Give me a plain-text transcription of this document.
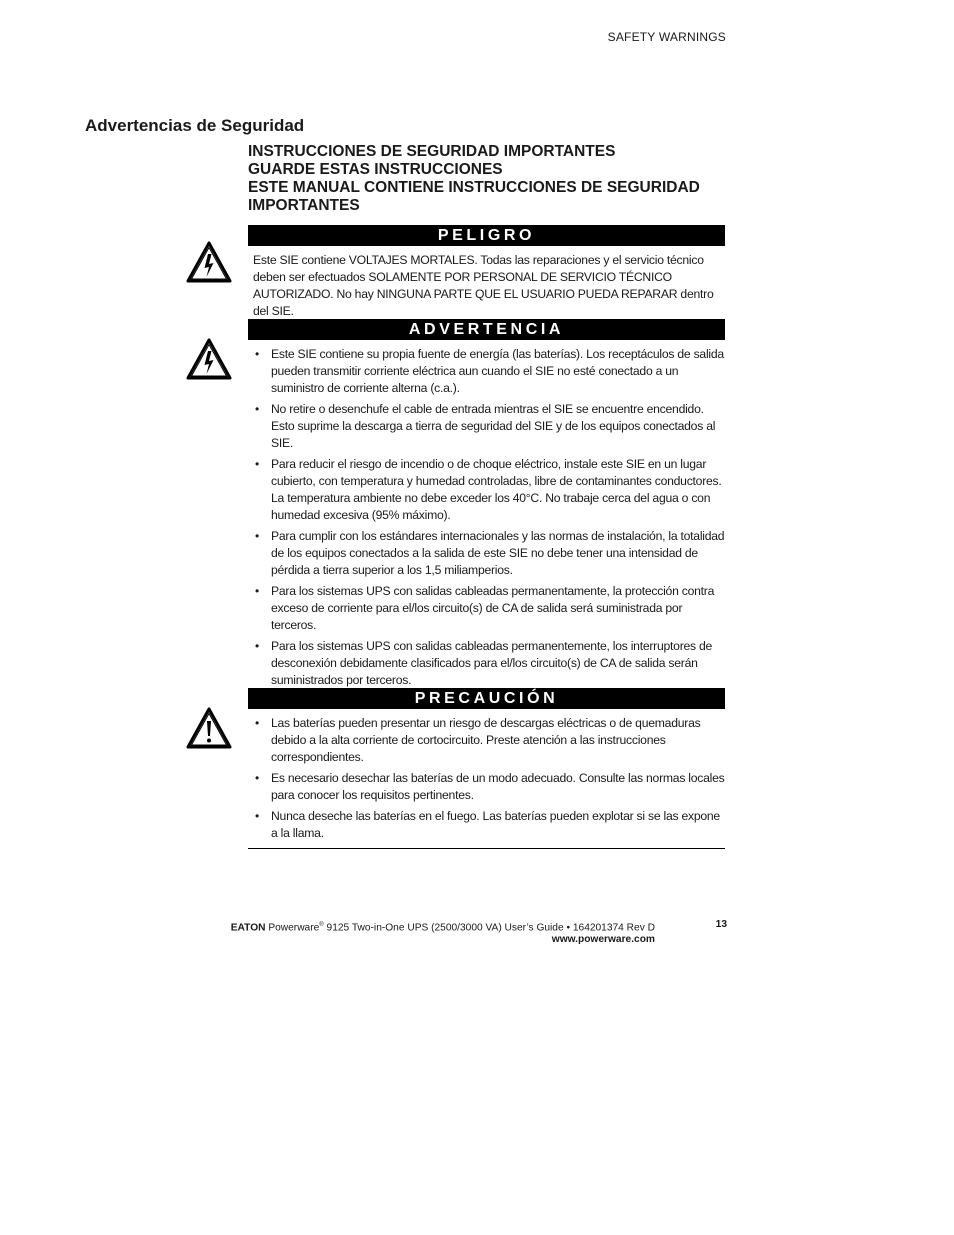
SAFETY WARNINGS
Advertencias de Seguridad
INSTRUCCIONES DE SEGURIDAD IMPORTANTES
GUARDE ESTAS INSTRUCCIONES
ESTE MANUAL CONTIENE INSTRUCCIONES DE SEGURIDAD
IMPORTANTES
PELIGRO
Este SIE contiene VOLTAJES MORTALES. Todas las reparaciones y el servicio técnico deben ser efectuados SOLAMENTE POR PERSONAL DE SERVICIO TÉCNICO AUTORIZADO. No hay NINGUNA PARTE QUE EL USUARIO PUEDA REPARAR dentro del SIE.
ADVERTENCIA
• Este SIE contiene su propia fuente de energía (las baterías). Los receptáculos de salida pueden transmitir corriente eléctrica aun cuando el SIE no esté conectado a un suministro de corriente alterna (c.a.).
• No retire o desenchufe el cable de entrada mientras el SIE se encuentre encendido. Esto suprime la descarga a tierra de seguridad del SIE y de los equipos conectados al SIE.
• Para reducir el riesgo de incendio o de choque eléctrico, instale este SIE en un lugar cubierto, con temperatura y humedad controladas, libre de contaminantes conductores. La temperatura ambiente no debe exceder los 40°C. No trabaje cerca del agua o con humedad excesiva (95% máximo).
• Para cumplir con los estándares internacionales y las normas de instalación, la totalidad de los equipos conectados a la salida de este SIE no debe tener una intensidad de pérdida a tierra superior a los 1,5 miliamperios.
• Para los sistemas UPS con salidas cableadas permanentamente, la protección contra exceso de corriente para el/los circuito(s) de CA de salida será suministrada por terceros.
• Para los sistemas UPS con salidas cableadas permanentemente, los interruptores de desconexión debidamente clasificados para el/los circuito(s) de CA de salida serán suministrados por terceros.
PRECAUCIÓN
• Las baterías pueden presentar un riesgo de descargas eléctricas o de quemaduras debido a la alta corriente de cortocircuito. Preste atención a las instrucciones correspondientes.
• Es necesario desechar las baterías de un modo adecuado. Consulte las normas locales para conocer los requisitos pertinentes.
• Nunca deseche las baterías en el fuego. Las baterías pueden explotar si se las expone a la llama.
EATON Powerware® 9125 Two-in-One UPS (2500/3000 VA) User’s Guide • 164201374 Rev D
www.powerware.com
13
